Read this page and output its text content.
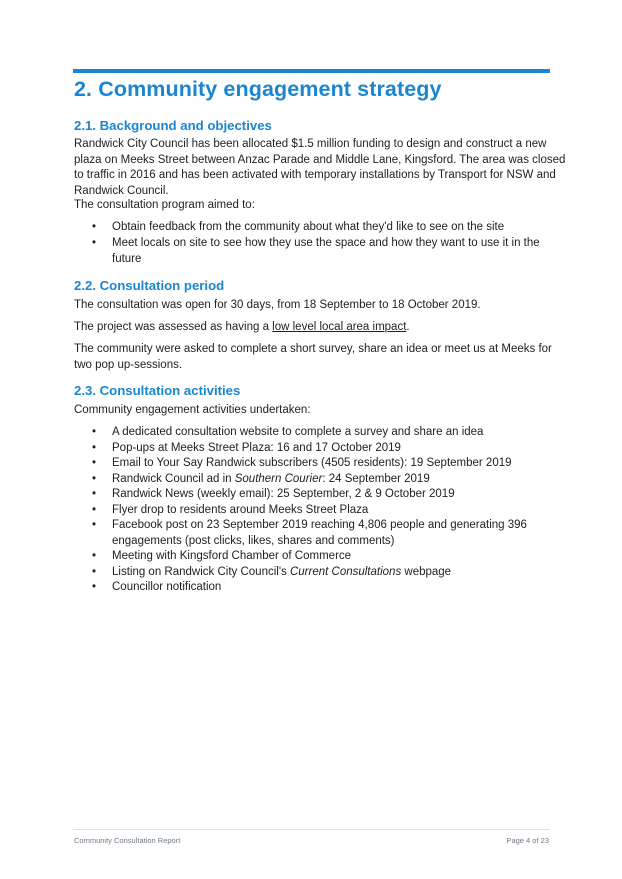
2. Community engagement strategy
2.1. Background and objectives

Randwick City Council has been allocated $1.5 million funding to design and construct a new
plaza on Meeks Street between Anzac Parade and Middle Lane, Kingsford. The area was closed
to traffic in 2016 and has been activated with temporary installations by Transport for NSW and
Randwick Council.

The consultation program aimed to:

• Obtain feedback from the community about what they'd like to see on the site

• Meet locals on site to see how they use the space and how they want to use it in the
future

2.2. Consultation period

The consultation was open for 30 days, from 18 September to 18 October 2019.

The project was assessed as having a low level local area impact.

The community were asked to complete a short survey, share an idea or meet us at Meeks for
two pop up-sessions.

2.3. Consultation activities

Community engagement activities undertaken:

• A dedicated consultation website to complete a survey and share an idea

• Pop-ups at Meeks Street Plaza: 16 and 17 October 2019

• Email to Your Say Randwick subscribers (4505 residents): 19 September 2019

• Randwick Council ad in Southern Courier: 24 September 2019

• Randwick News (weekly email): 25 September, 2 & 9 October 2019

• Flyer drop to residents around Meeks Street Plaza

• Facebook post on 23 September 2019 reaching 4,806 people and generating 396
engagements (post clicks, likes, shares and comments)

• Meeting with Kingsford Chamber of Commerce

• Listing on Randwick City Council's Current Consultations webpage

• Councillor notification

Community Consultation Report	Page 4 of 23
